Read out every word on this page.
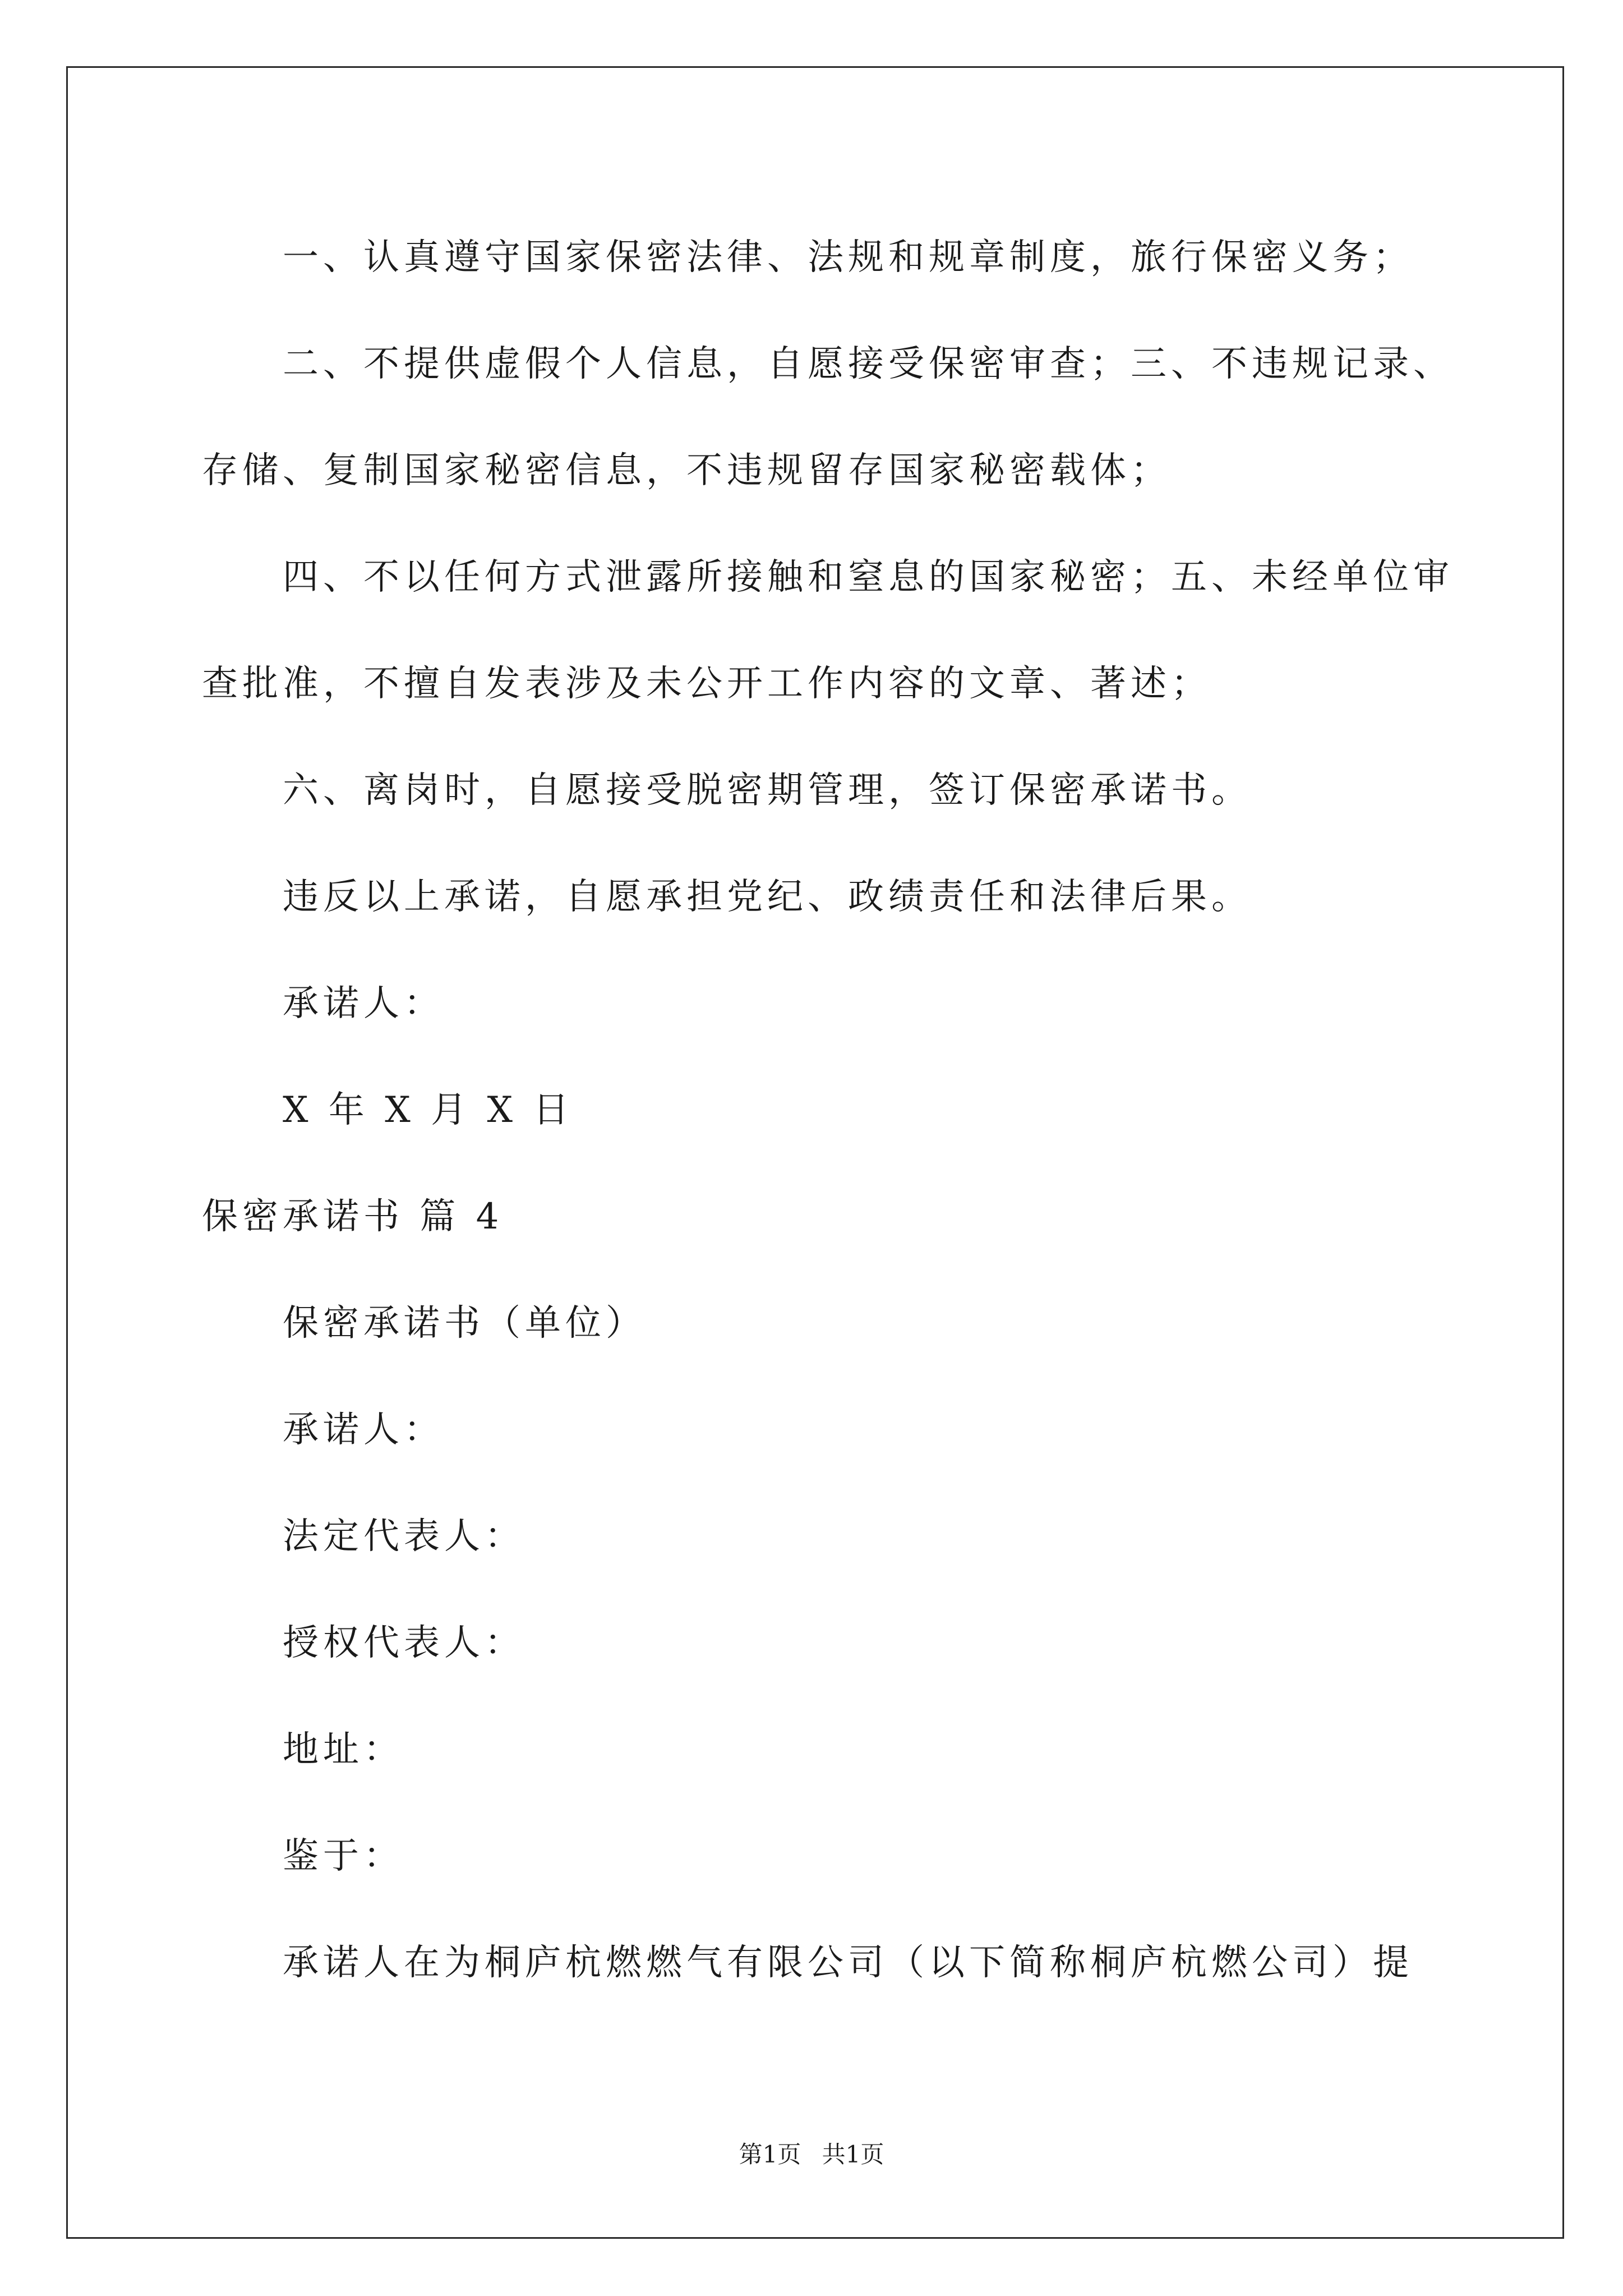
一、认真遵守国家保密法律、法规和规章制度，旅行保密义务；
二、不提供虚假个人信息，自愿接受保密审查；三、不违规记录、
存储、复制国家秘密信息，不违规留存国家秘密载体；
四、不以任何方式泄露所接触和窒息的国家秘密；五、未经单位审
查批准，不擅自发表涉及未公开工作内容的文章、著述；
六、离岗时，自愿接受脱密期管理，签订保密承诺书。
违反以上承诺，自愿承担党纪、政绩责任和法律后果。
承诺人：
X 年 X 月 X 日
保密承诺书 篇 4
保密承诺书（单位）
承诺人：
法定代表人：
授权代表人：
地址：
鉴于：
承诺人在为桐庐杭燃燃气有限公司（以下简称桐庐杭燃公司）提
第1页 共1页
